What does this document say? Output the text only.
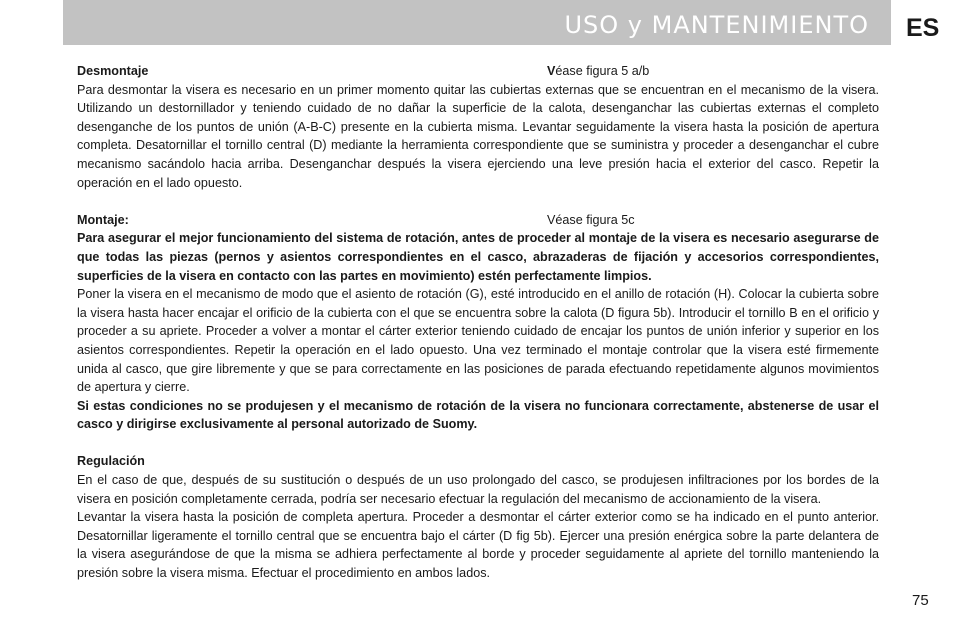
USO y MANTENIMIENTO ES
Desmontaje	Véase figura 5 a/b

Para desmontar la visera es necesario en un primer momento quitar las cubiertas externas que se encuentran en el mecanismo de la visera. Utilizando un destornillador y teniendo cuidado de no dañar la superficie de la calota, desenganchar las cubiertas externas el completo desenganche de los puntos de unión (A-B-C) presente en la cubierta misma. Levantar seguidamente la visera hasta la posición de apertura completa. Desatornillar el tornillo central (D) mediante la herramienta correspondiente que se suministra y proceder a desenganchar el cubre mecanismo sacándolo hacia arriba. Desenganchar después la visera ejerciendo una leve presión hacia el exterior del casco. Repetir la operación en el lado opuesto.

Montaje:	Véase figura 5c

Para asegurar el mejor funcionamiento del sistema de rotación, antes de proceder al montaje de la visera es necesario asegurarse de que todas las piezas (pernos y asientos correspondientes en el casco, abrazaderas de fijación y accesorios correspondientes, superficies de la visera en contacto con las partes en movimiento) estén perfectamente limpios.

Poner la visera en el mecanismo de modo que el asiento de rotación (G), esté introducido en el anillo de rotación (H). Colocar la cubierta sobre la visera hasta hacer encajar el orificio de la cubierta con el que se encuentra sobre la calota (D figura 5b). Introducir el tornillo B en el orificio y proceder a su apriete. Proceder a volver a montar el cárter exterior teniendo cuidado de encajar los puntos de unión inferior y superior en los asientos correspondientes. Repetir la operación en el lado opuesto. Una vez terminado el montaje controlar que la visera esté firmemente unida al casco, que gire libremente y que se para correctamente en las posiciones de parada efectuando repetidamente algunos movimientos de apertura y cierre.

Si estas condiciones no se produjesen y el mecanismo de rotación de la visera no funcionara correctamente, abstenerse de usar el casco y dirigirse exclusivamente al personal autorizado de Suomy.

Regulación

En el caso de que, después de su sustitución o después de un uso prolongado del casco, se produjesen infiltraciones por los bordes de la visera en posición completamente cerrada, podría ser necesario efectuar la regulación del mecanismo de accionamiento de la visera.

Levantar la visera hasta la posición de completa apertura. Proceder a desmontar el cárter exterior como se ha indicado en el punto anterior. Desatornillar ligeramente el tornillo central que se encuentra bajo el cárter (D fig 5b). Ejercer una presión enérgica sobre la parte delantera de la visera asegurándose de que la misma se adhiera perfectamente al borde y proceder seguidamente al apriete del tornillo manteniendo la presión sobre la visera misma. Efectuar el procedimiento en ambos lados.

75
